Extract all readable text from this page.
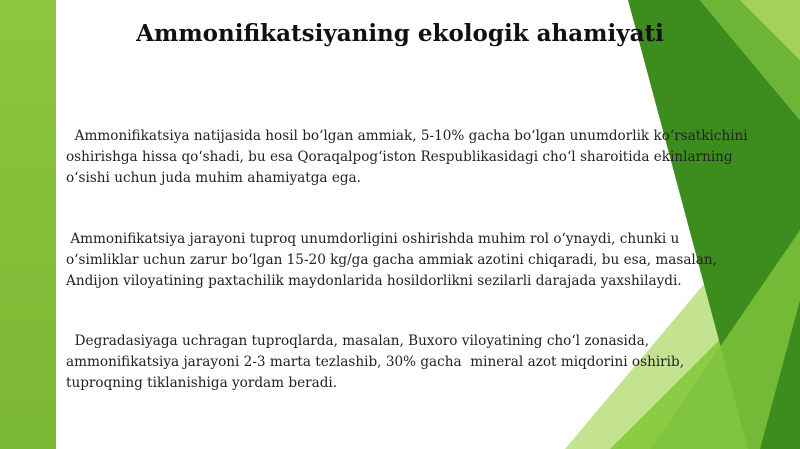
Ammonifikatsiyaning ekologik ahamiyati
Ammonifikatsiya natijasida hosil bo‘lgan ammiak, 5-10% gacha bo‘lgan unumdorlik ko‘rsatkichini oshirishga hissa qo‘shadi, bu esa Qoraqalpog‘iston Respublikasidagi cho‘l sharoitida ekinlarning o‘sishi uchun juda muhim ahamiyatga ega.
Ammonifikatsiya jarayoni tuproq unumdorligini oshirishda muhim rol o‘ynaydi, chunki u o‘simliklar uchun zarur bo‘lgan 15-20 kg/ga gacha ammiak azotini chiqaradi, bu esa, masalan, Andijon viloyatining paxtachilik maydonlarida hosildorlikni sezilarli darajada yaxshilaydi.
Degradasiyaga uchragan tuproqlarda, masalan, Buxoro viloyatining cho‘l zonasida, ammonifikatsiya jarayoni 2-3 marta tezlashib, 30% gacha  mineral azot miqdorini oshirib, tuproqning tiklanishiga yordam beradi.
